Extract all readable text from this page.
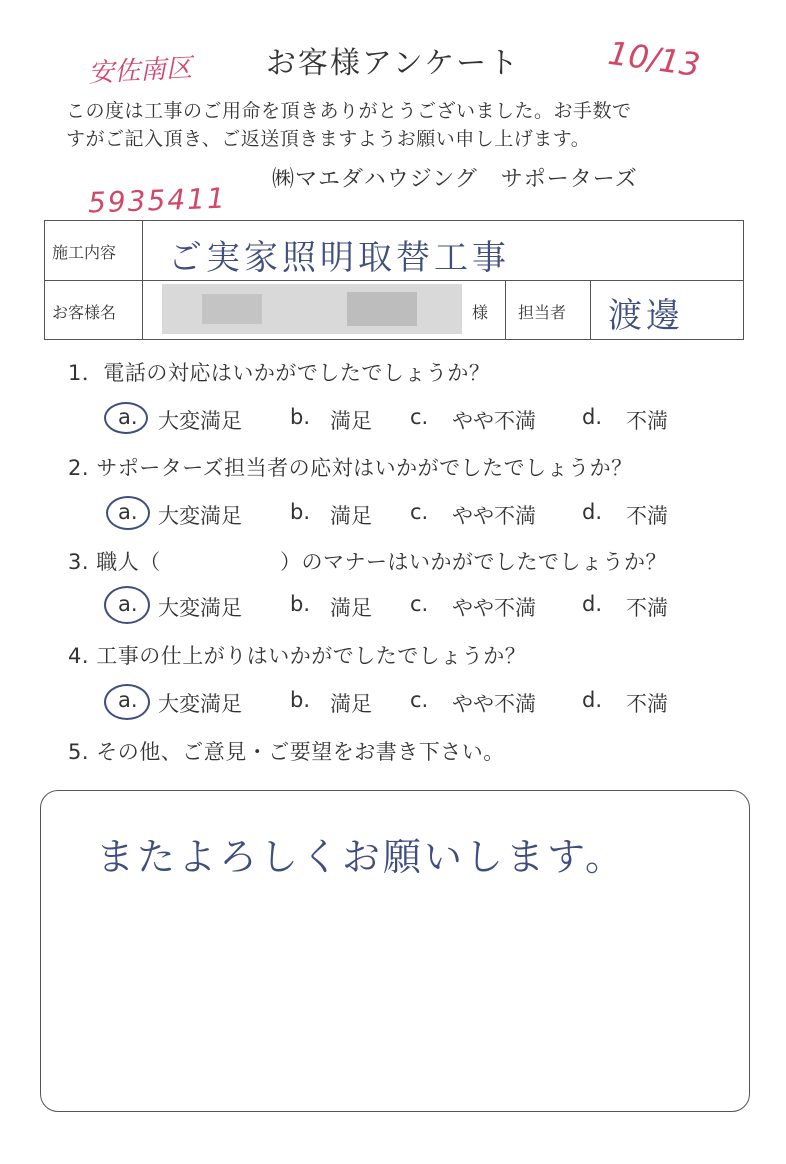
お客様アンケート
安佐南区	10/13
この度は工事のご用命を頂きありがとうございました。お手数で
すがご記入頂き、ご返送頂きますようお願い申し上げます。
㈱マエダハウジング　サポーターズ
5935411
施工内容 ご実家照明取替工事
お客様名	様 担当者 渡邊
1．電話の対応はいかがでしたでしょうか？
a. 大変満足 b. 満足 c. やや不満 d. 不満
2. サポーターズ担当者の応対はいかがでしたでしょうか？
a. 大変満足 b. 満足 c. やや不満 d. 不満
3. 職人（	）のマナーはいかがでしたでしょうか？
a. 大変満足 b. 満足 c. やや不満 d. 不満
4. 工事の仕上がりはいかがでしたでしょうか？
a. 大変満足 b. 満足 c. やや不満 d. 不満
5. その他、ご意見・ご要望をお書き下さい。
またよろしくお願いします。
